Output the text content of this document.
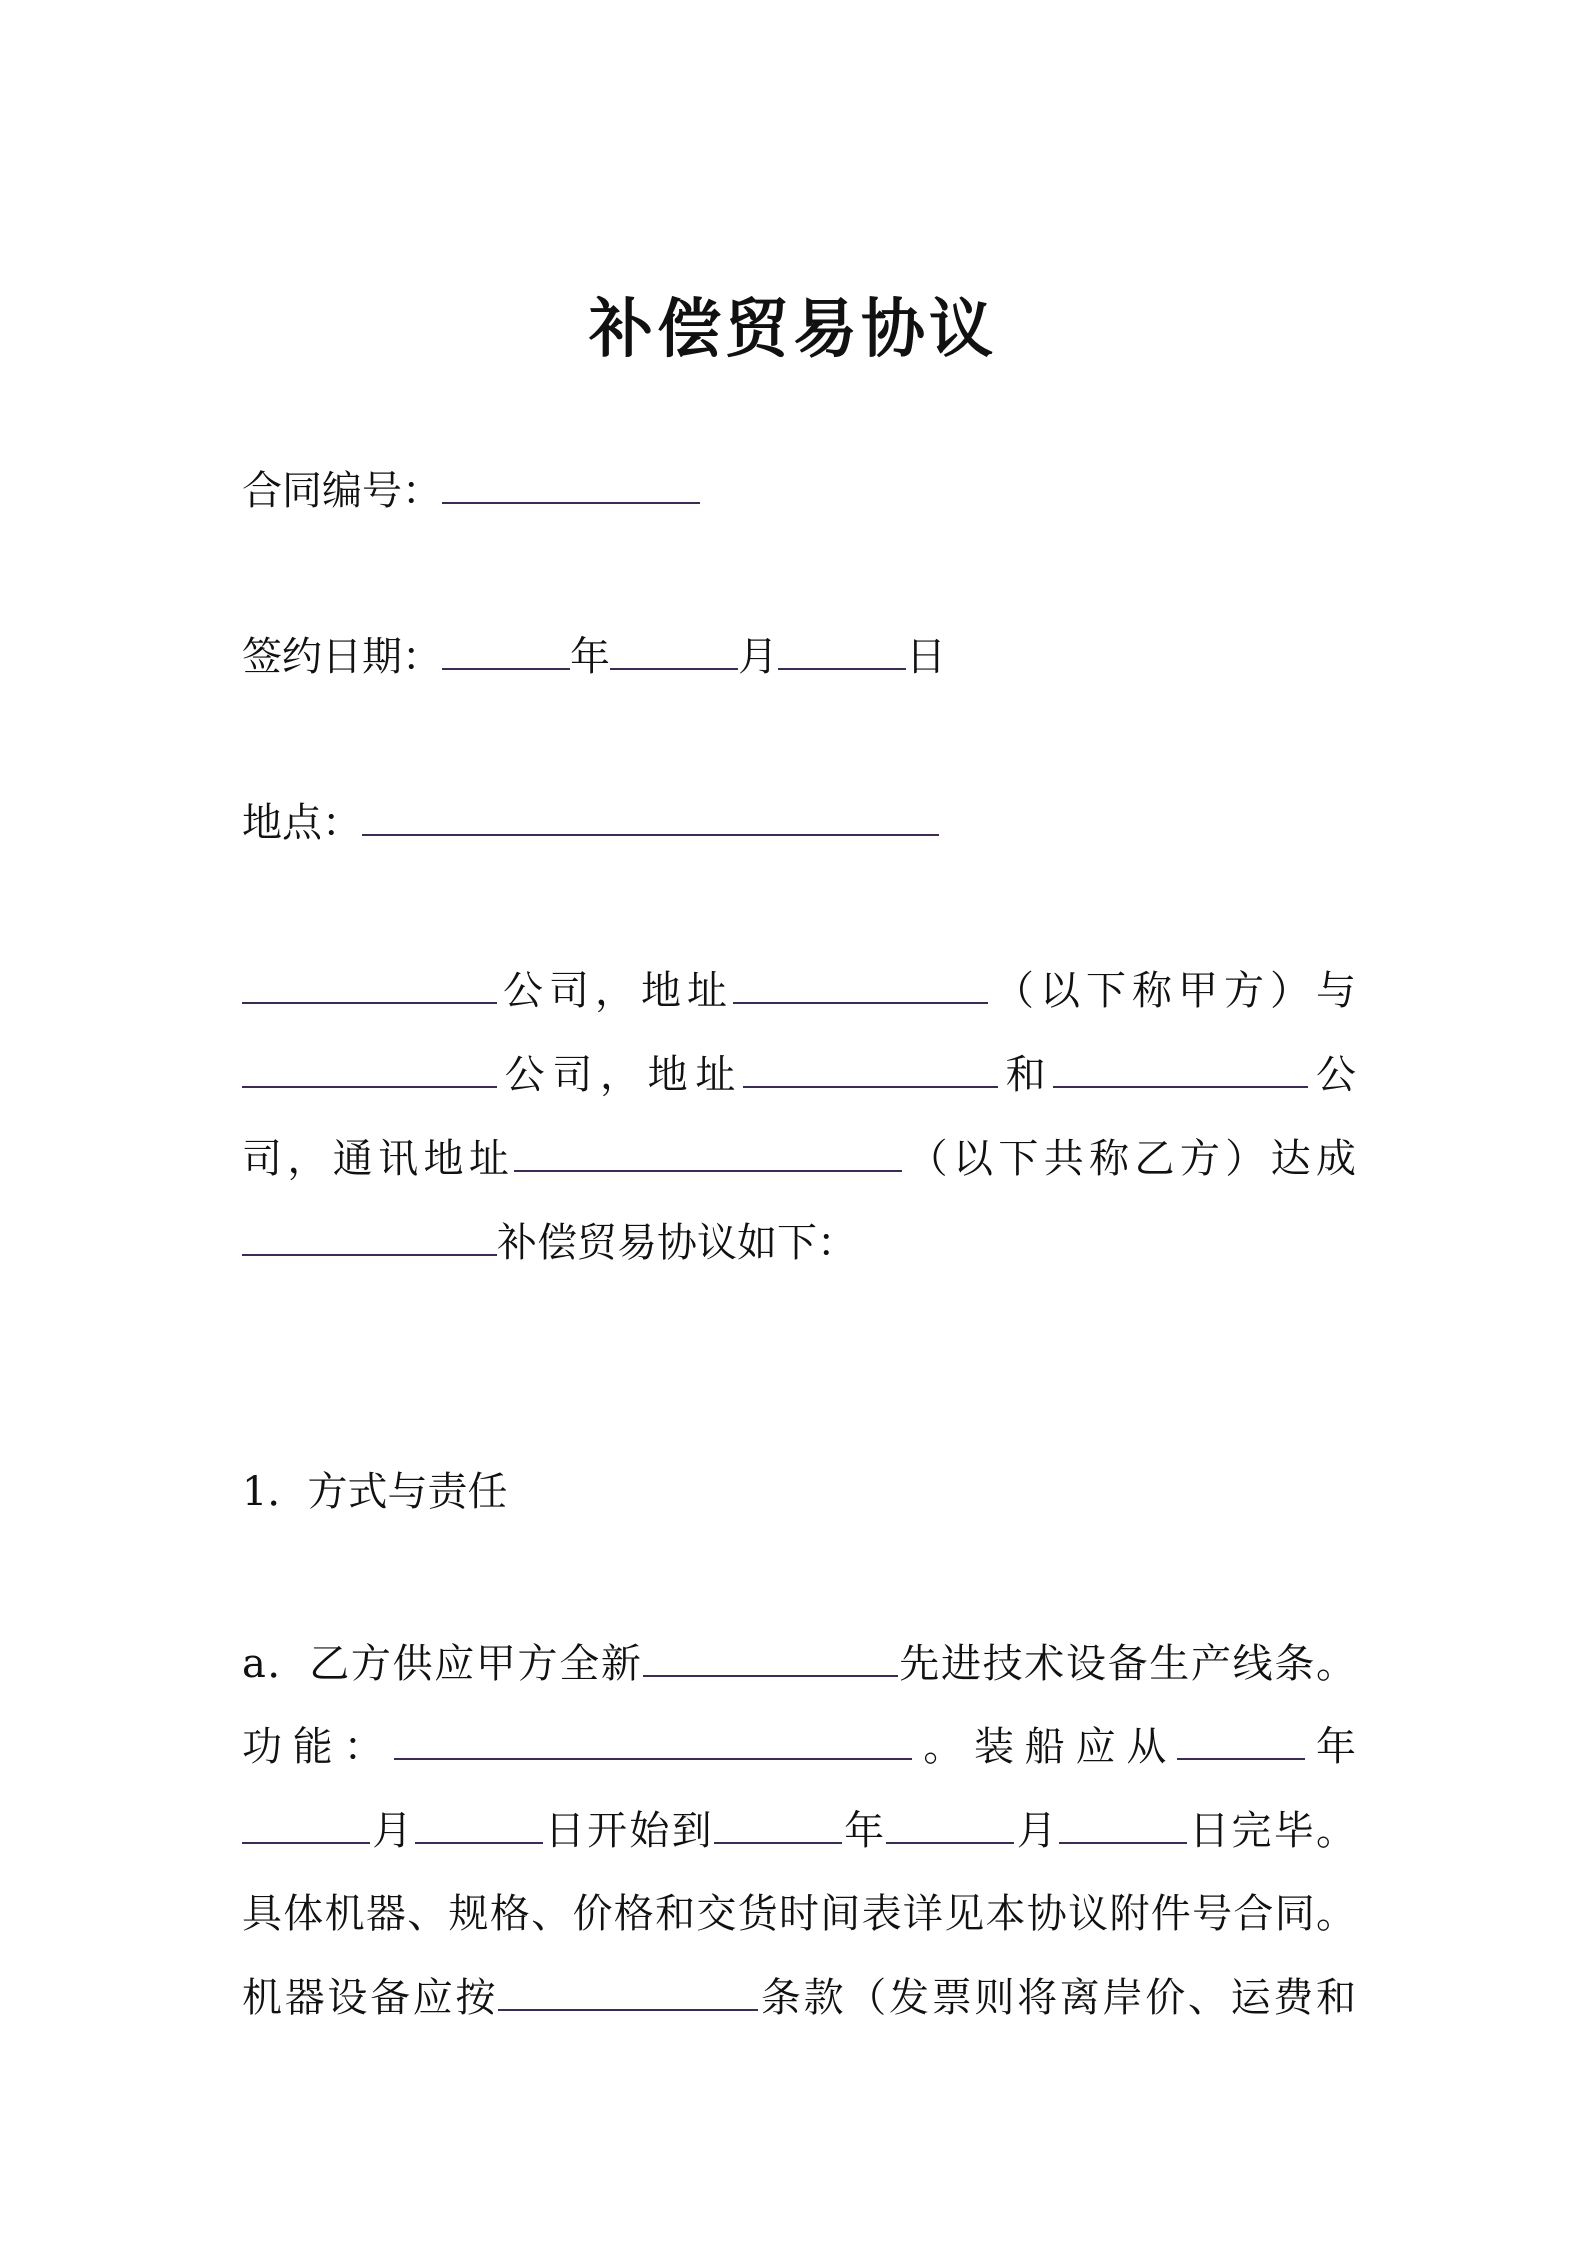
补偿贸易协议
合同编号：
签约日期：	年	月	日
地点：
公司，地址	（以下称甲方）与
公司，地址	和	公
司，通讯地址	（以下共称乙方）达成
补偿贸易协议如下：
1．方式与责任
a．乙方供应甲方全新	先进技术设备生产线条。
功能：	。装船应从	年
月	日开始到	年	月	日完毕。
具体机器、规格、价格和交货时间表详见本协议附件号合同。
机器设备应按	条款（发票则将离岸价、运费和
